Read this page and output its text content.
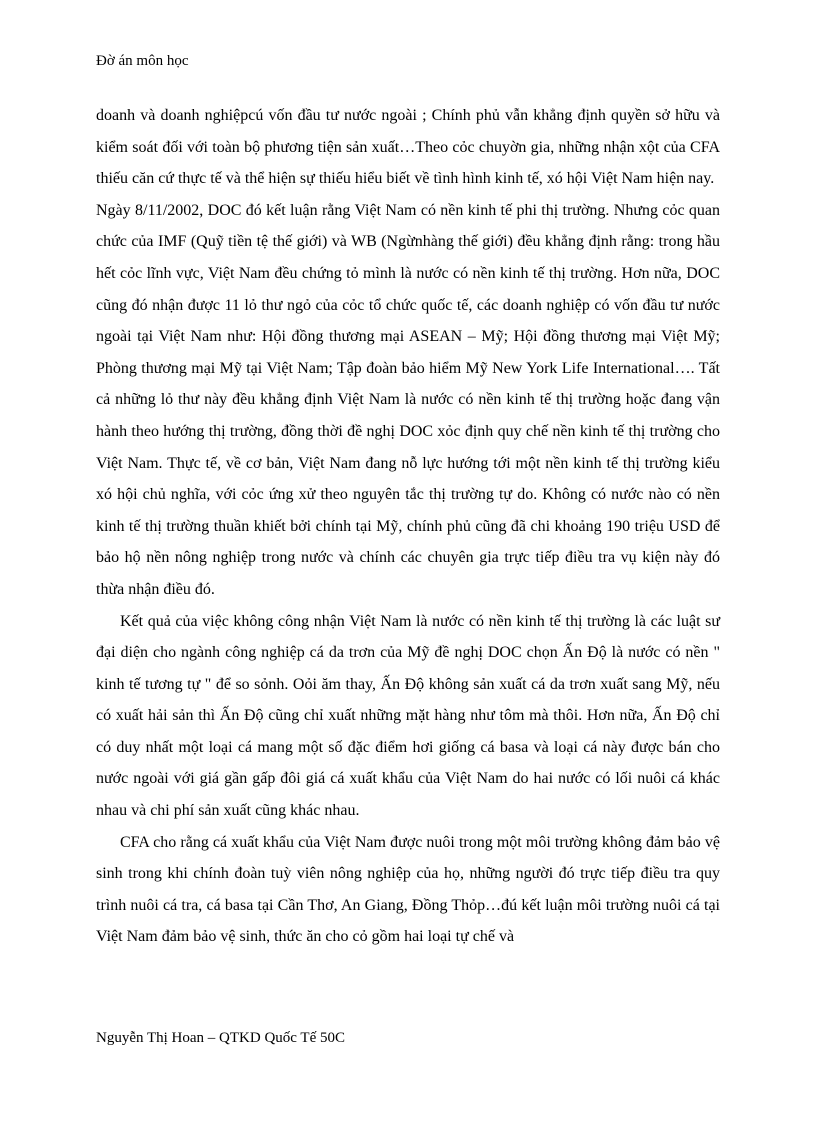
Đờ án môn học

doanh và doanh nghiệpcú vốn đầu tư nước ngoài ; Chính phủ vẫn khẳng định quyền sở hữu và kiểm soát đối với toàn bộ phương tiện sản xuất…Theo cỏc chuyờn gia, những nhận xột của CFA thiếu căn cứ thực tế và thể hiện sự thiếu hiểu biết về tình hình kinh tế, xó hội Việt Nam hiện nay.

Ngày 8/11/2002, DOC đó kết luận rằng Việt Nam có nền kinh tế phi thị trường. Nhưng cỏc quan chức của IMF (Quỹ tiền tệ thế giới) và WB (Ngừnhàng thế giới) đều khẳng định rằng: trong hầu hết cỏc lĩnh vực, Việt Nam đều chứng tỏ mình là nước có nền kinh tế thị trường. Hơn nữa, DOC cũng đó nhận được 11 lỏ thư ngỏ của cỏc tổ chức quốc tế, các doanh nghiệp có vốn đầu tư nước ngoài tại Việt Nam như: Hội đồng thương mại ASEAN – Mỹ; Hội đồng thương mại Việt Mỹ; Phòng thương mại Mỹ tại Việt Nam; Tập đoàn bảo hiểm Mỹ New York Life International…. Tất cả những lỏ thư này đều khẳng định Việt Nam là nước có nền kinh tế thị trường hoặc đang vận hành theo hướng thị trường, đồng thời đề nghị DOC xỏc định quy chế nền kinh tế thị trường cho Việt Nam. Thực tế, về cơ bản, Việt Nam đang nỗ lực hướng tới một nền kinh tế thị trường kiểu xó hội chủ nghĩa, với cỏc ứng xử theo nguyên tắc thị trường tự do. Không có nước nào có nền kinh tế thị trường thuần khiết bởi chính tại Mỹ, chính phủ cũng đã chi khoảng 190 triệu USD để bảo hộ nền nông nghiệp trong nước và chính các chuyên gia trực tiếp điều tra vụ kiện này đó thừa nhận điều đó.

Kết quả của việc không công nhận Việt Nam là nước có nền kinh tế thị trường là các luật sư đại diện cho ngành công nghiệp cá da trơn của Mỹ đề nghị DOC chọn Ấn Độ là nước có nền " kinh tế tương tự " để so sỏnh. Oỏi ăm thay, Ấn Độ không sản xuất cá da trơn xuất sang Mỹ, nếu có xuất hải sản thì Ấn Độ cũng chỉ xuất những mặt hàng như tôm mà thôi. Hơn nữa, Ấn Độ chỉ có duy nhất một loại cá mang một số đặc điểm hơi giống cá basa và loại cá này được bán cho nước ngoài với giá gần gấp đôi giá cá xuất khẩu của Việt Nam do hai nước có lối nuôi cá khác nhau và chi phí sản xuất cũng khác nhau.

CFA cho rằng cá xuất khẩu của Việt Nam được nuôi trong một môi trường không đảm bảo vệ sinh trong khi chính đoàn tuỳ viên nông nghiệp của họ, những người đó trực tiếp điều tra quy trình nuôi cá tra, cá basa tại Cần Thơ, An Giang, Đồng Thỏp…đú kết luận môi trường nuôi cá tại Việt Nam đảm bảo vệ sinh, thức ăn cho cỏ gồm hai loại tự chế và

Nguyễn Thị Hoan – QTKD Quốc Tế 50C
